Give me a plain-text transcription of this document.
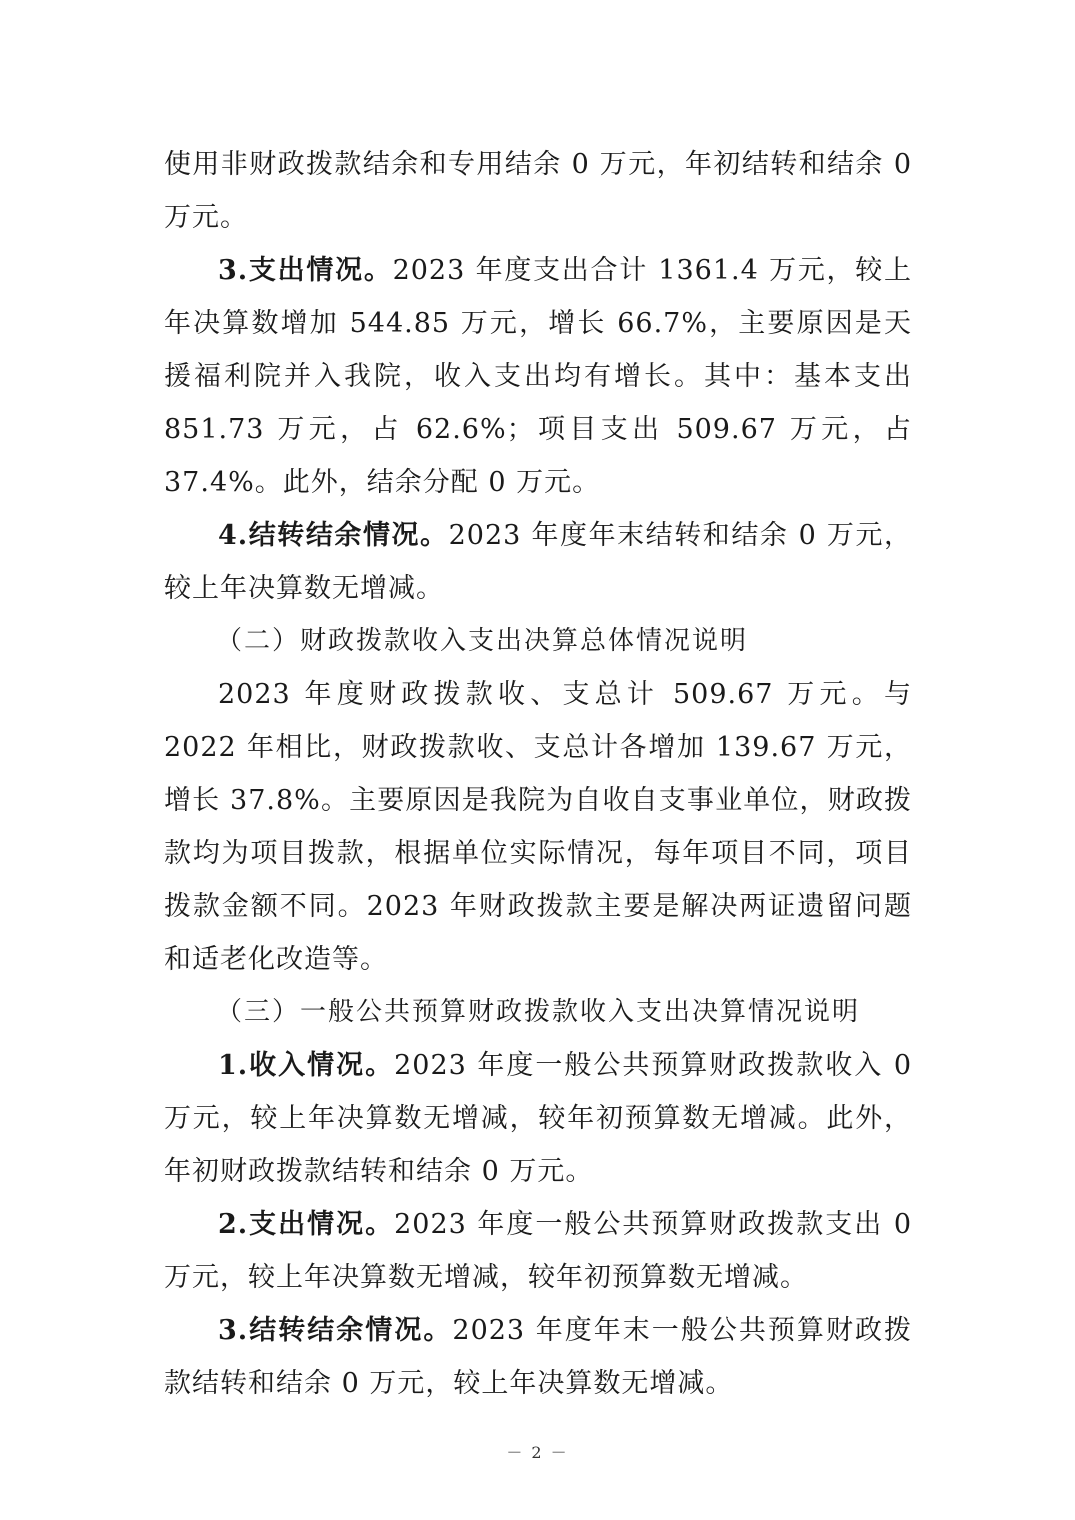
使用非财政拨款结余和专用结余 0 万元，年初结转和结余 0 万元。

3.支出情况。2023 年度支出合计 1361.4 万元，较上年决算数增加 544.85 万元，增长 66.7%，主要原因是天援福利院并入我院，收入支出均有增长。其中：基本支出 851.73 万元，占 62.6%；项目支出 509.67 万元，占 37.4%。此外，结余分配 0 万元。

4.结转结余情况。2023 年度年末结转和结余 0 万元，较上年决算数无增减。

（二）财政拨款收入支出决算总体情况说明

2023 年度财政拨款收、支总计 509.67 万元。与 2022 年相比，财政拨款收、支总计各增加 139.67 万元，增长 37.8%。主要原因是我院为自收自支事业单位，财政拨款均为项目拨款，根据单位实际情况，每年项目不同，项目拨款金额不同。2023 年财政拨款主要是解决两证遗留问题和适老化改造等。

（三）一般公共预算财政拨款收入支出决算情况说明

1.收入情况。2023 年度一般公共预算财政拨款收入 0 万元，较上年决算数无增减，较年初预算数无增减。此外，年初财政拨款结转和结余 0 万元。

2.支出情况。2023 年度一般公共预算财政拨款支出 0 万元，较上年决算数无增减，较年初预算数无增减。

3.结转结余情况。2023 年度年末一般公共预算财政拨款结转和结余 0 万元，较上年决算数无增减。

－ 2 －
